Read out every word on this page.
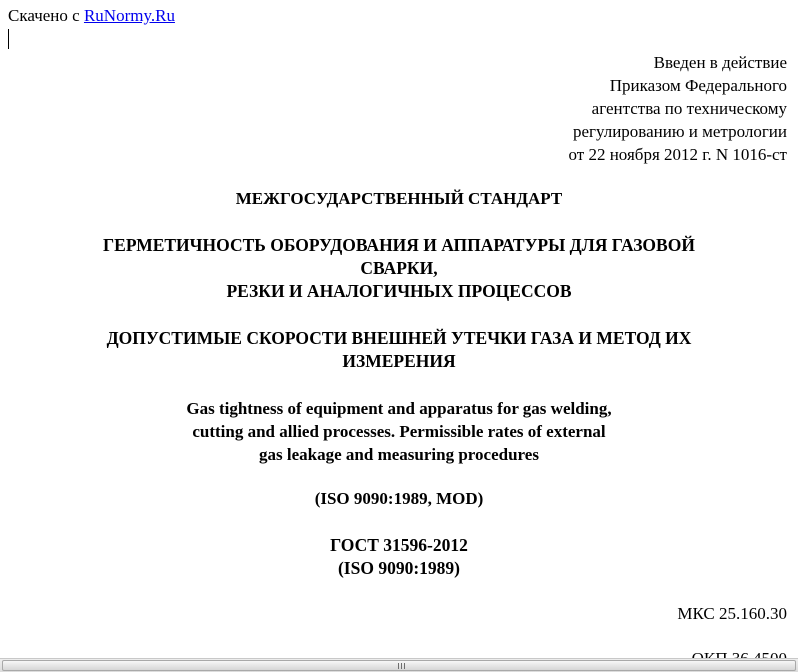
Скачено с RuNormy.Ru
Введен в действие
Приказом Федерального
агентства по техническому
регулированию и метрологии
от 22 ноября 2012 г. N 1016-ст
МЕЖГОСУДАРСТВЕННЫЙ СТАНДАРТ
ГЕРМЕТИЧНОСТЬ ОБОРУДОВАНИЯ И АППАРАТУРЫ ДЛЯ ГАЗОВОЙ
СВАРКИ,
РЕЗКИ И АНАЛОГИЧНЫХ ПРОЦЕССОВ
ДОПУСТИМЫЕ СКОРОСТИ ВНЕШНЕЙ УТЕЧКИ ГАЗА И МЕТОД ИХ
ИЗМЕРЕНИЯ
Gas tightness of equipment and apparatus for gas welding,
cutting and allied processes. Permissible rates of external
gas leakage and measuring procedures
(ISO 9090:1989, MOD)
ГОСТ 31596-2012
(ISO 9090:1989)
МКС 25.160.30
